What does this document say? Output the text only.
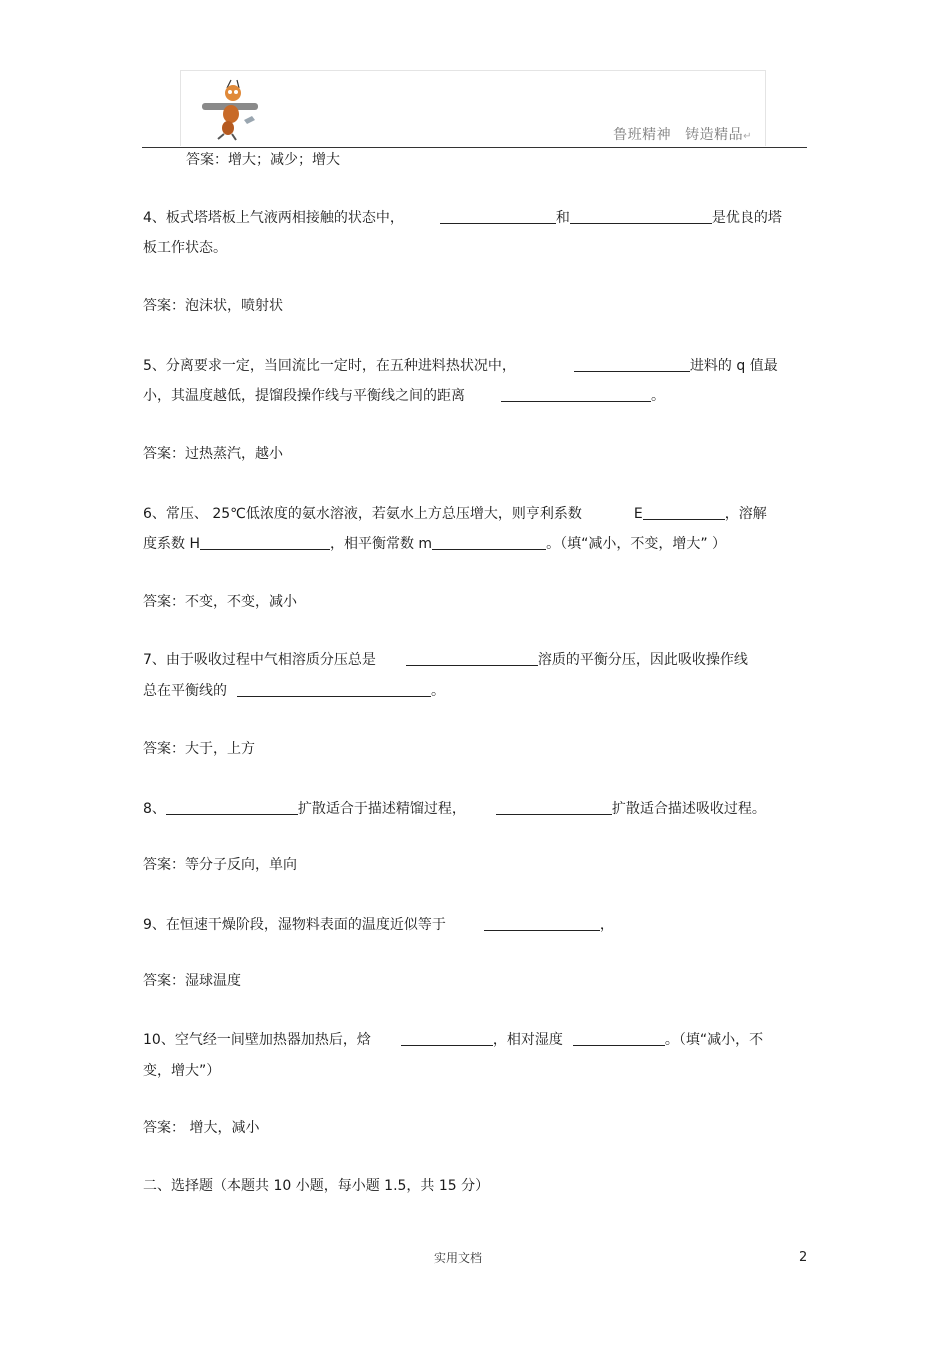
鲁班精神 铸造精品↵
答案：增大；减少；增大
4、板式塔塔板上气液两相接触的状态中，	和	是优良的塔
板工作状态。
答案：泡沫状，喷射状
5、分离要求一定，当回流比一定时，在五种进料热状况中，	进料的 q 值最
小，其温度越低，提馏段操作线与平衡线之间的距离	。
答案：过热蒸汽，越小
6、常压、 25℃低浓度的氨水溶液，若氨水上方总压增大，则亨利系数	E	，溶解
度系数 H	，相平衡常数 m	。（填“减小，不变，增大” ）
答案：不变，不变，减小
7、由于吸收过程中气相溶质分压总是	溶质的平衡分压，因此吸收操作线
总在平衡线的	。
答案：大于，上方
8、	扩散适合于描述精馏过程，	扩散适合描述吸收过程。
答案：等分子反向，单向
9、在恒速干燥阶段，湿物料表面的温度近似等于	，
答案：湿球温度
10、空气经一间壁加热器加热后，焓	，相对湿度	。（填“减小，不
变，增大”）
答案： 增大，减小
二、选择题（本题共 10 小题，每小题 1.5，共 15 分）
实用文档	2
